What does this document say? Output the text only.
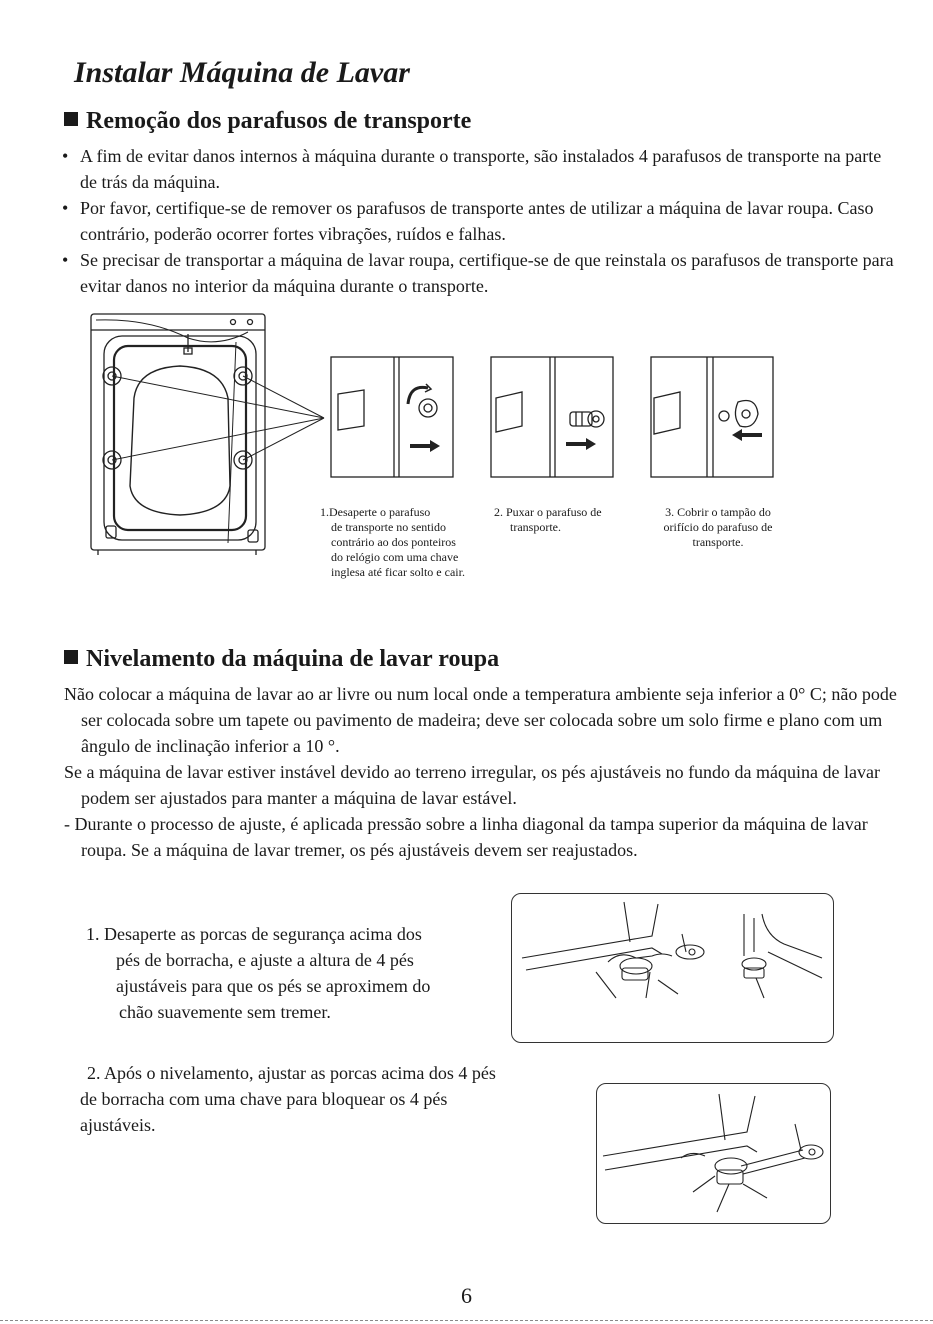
Instalar Máquina de Lavar
Remoção dos parafusos de transporte
• A fim de evitar danos internos à máquina durante o transporte, são instalados 4 parafusos de transporte na parte de trás da máquina.
• Por favor, certifique-se de remover os parafusos de transporte antes de utilizar a máquina de lavar roupa. Caso contrário, poderão ocorrer fortes vibrações, ruídos e falhas.
• Se precisar de transportar a máquina de lavar roupa, certifique-se de que reinstala os parafusos de transporte para evitar danos no interior da máquina durante o transporte.
1.Desaperte o parafuso
de transporte no sentido
contrário ao dos ponteiros
do relógio com uma chave
inglesa até ficar solto e cair.
2. Puxar o parafuso de
transporte.
3. Cobrir o tampão do
orifício do parafuso de
transporte.
Nivelamento da máquina de lavar roupa
Não colocar a máquina de lavar ao ar livre ou num local onde a temperatura ambiente seja inferior a 0° C; não pode ser colocada sobre um tapete ou pavimento de madeira; deve ser colocada sobre um solo firme e plano com um ângulo de inclinação inferior a 10 °.
Se a máquina de lavar estiver instável devido ao terreno irregular, os pés ajustáveis no fundo da máquina de lavar podem ser ajustados para manter a máquina de lavar estável.
- Durante o processo de ajuste, é aplicada pressão sobre a linha diagonal da tampa superior da máquina de lavar roupa. Se a máquina de lavar tremer, os pés ajustáveis devem ser reajustados.
1. Desaperte as porcas de segurança acima dos
pés de borracha, e ajuste a altura de 4 pés
ajustáveis para que os pés se aproximem do
chão suavemente sem tremer.
2. Após o nivelamento, ajustar as porcas acima dos 4 pés
de borracha com uma chave para bloquear os 4 pés
ajustáveis.
6
